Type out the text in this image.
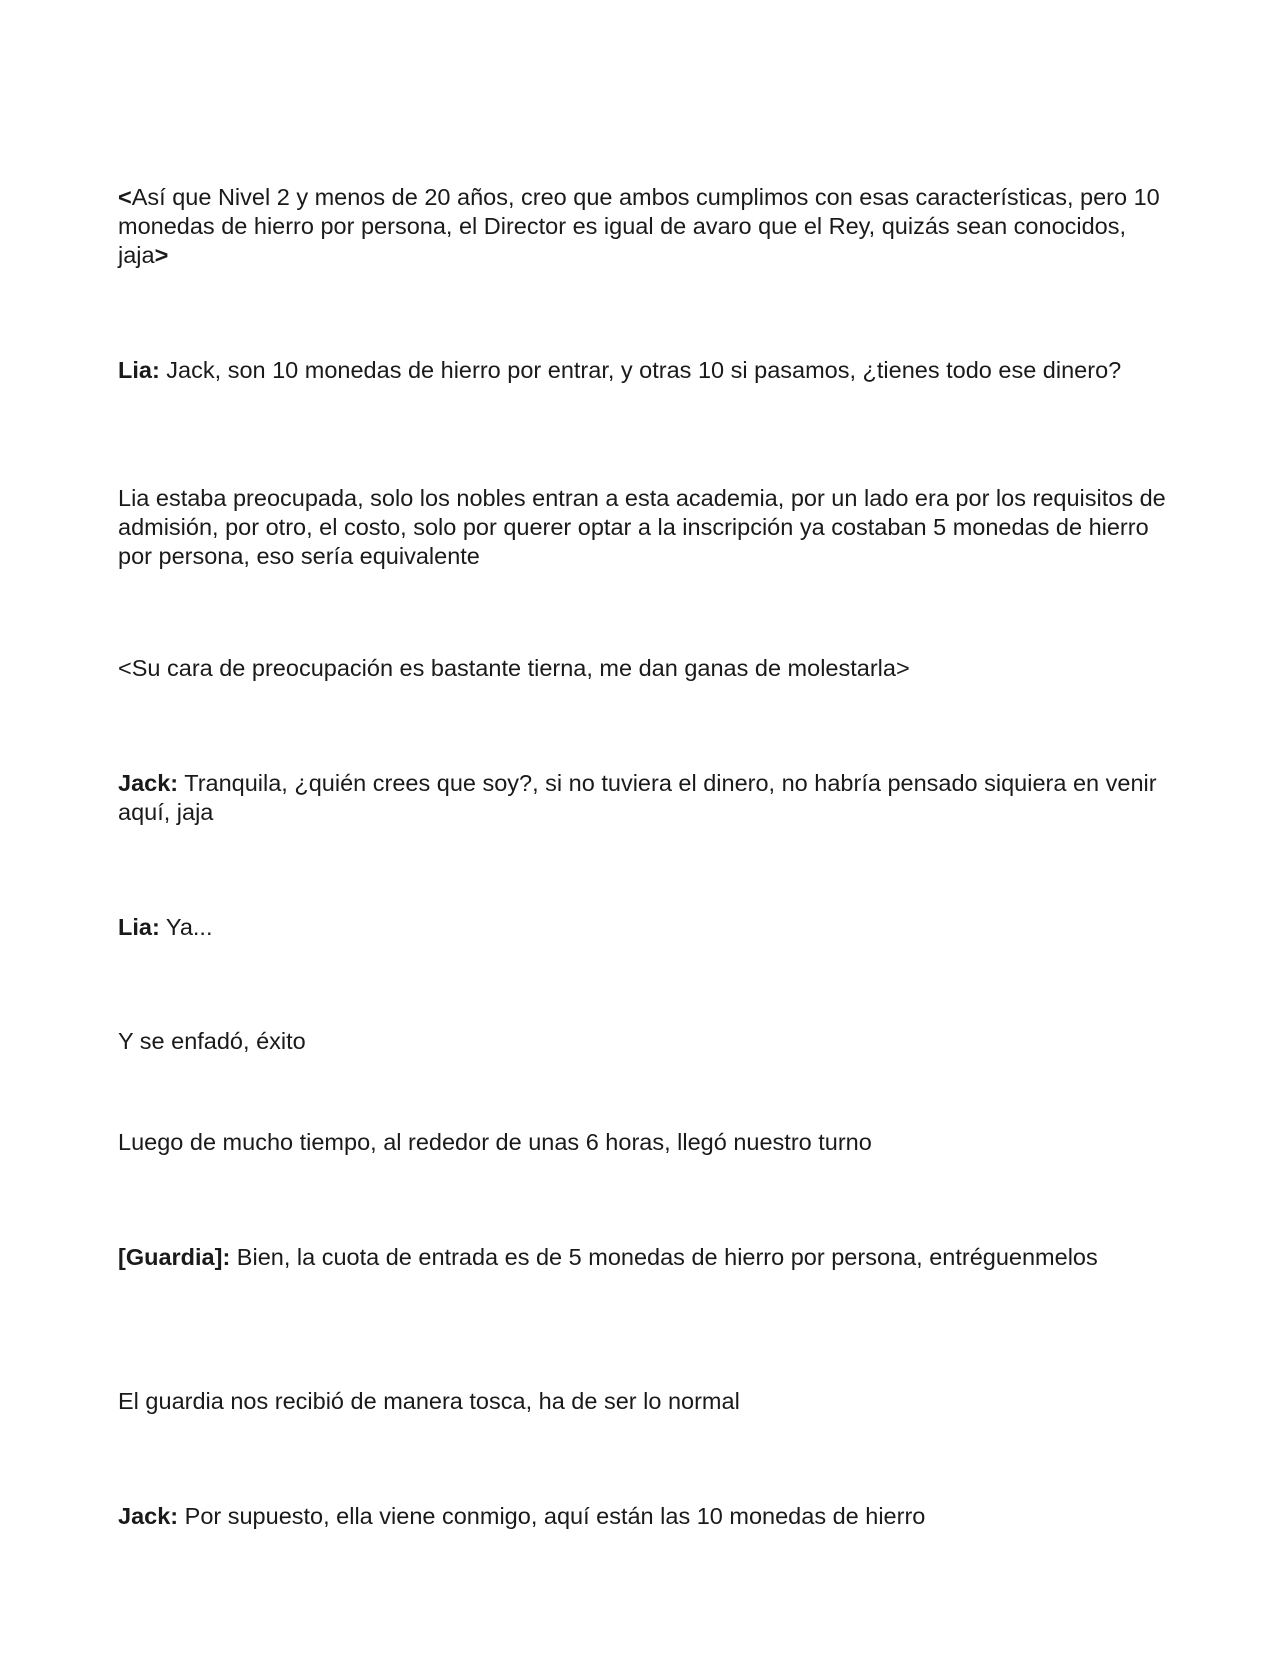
<Así que Nivel 2 y menos de 20 años, creo que ambos cumplimos con esas características, pero 10 monedas de hierro por persona, el Director es igual de avaro que el Rey, quizás sean conocidos, jaja>

Lia: Jack, son 10 monedas de hierro por entrar, y otras 10 si pasamos, ¿tienes todo ese dinero?

Lia estaba preocupada, solo los nobles entran a esta academia, por un lado era por los requisitos de admisión, por otro, el costo, solo por querer optar a la inscripción ya costaban 5 monedas de hierro por persona, eso sería equivalente

<Su cara de preocupación es bastante tierna, me dan ganas de molestarla>

Jack: Tranquila, ¿quién crees que soy?, si no tuviera el dinero, no habría pensado siquiera en venir aquí, jaja

Lia: Ya...

Y se enfadó, éxito

Luego de mucho tiempo, al rededor de unas 6 horas, llegó nuestro turno

[Guardia]: Bien, la cuota de entrada es de 5 monedas de hierro por persona, entréguenmelos

El guardia nos recibió de manera tosca, ha de ser lo normal

Jack: Por supuesto, ella viene conmigo, aquí están las 10 monedas de hierro
